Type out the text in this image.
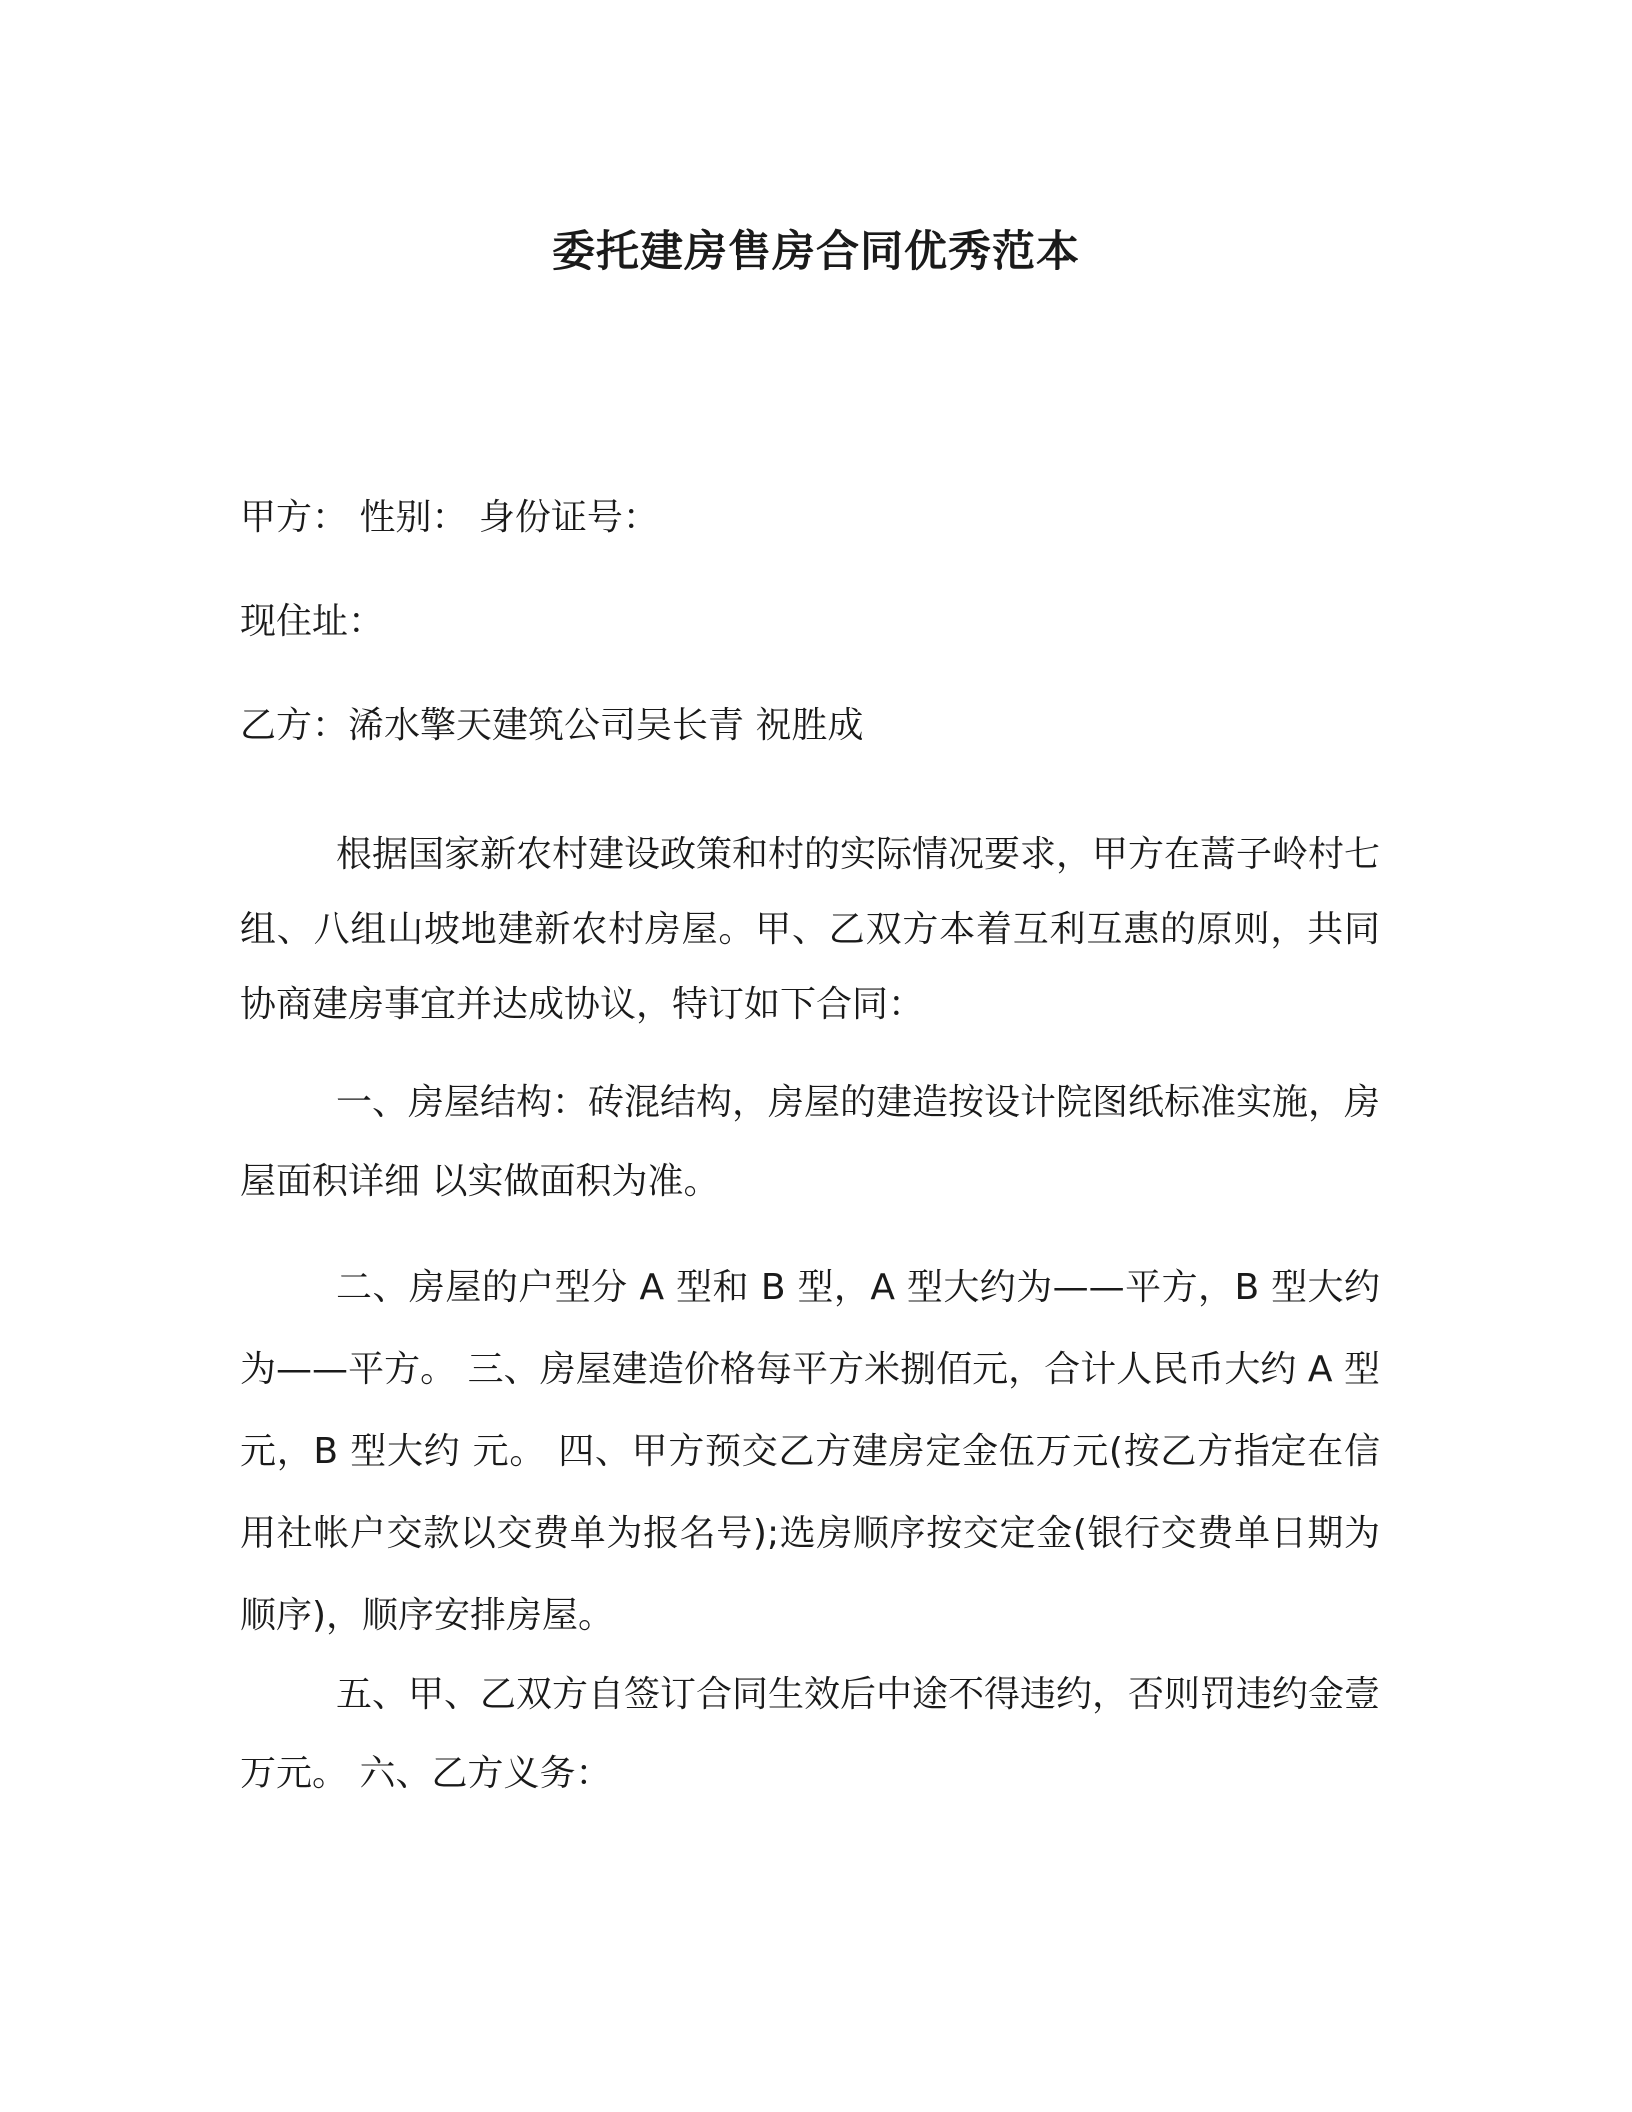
委托建房售房合同优秀范本
甲方： 性别： 身份证号：
现住址：
乙方：浠水擎天建筑公司吴长青 祝胜成
根据国家新农村建设政策和村的实际情况要求，甲方在蒿子岭村七组、八组山坡地建新农村房屋。甲、乙双方本着互利互惠的原则，共同协商建房事宜并达成协议，特订如下合同：
一、房屋结构：砖混结构，房屋的建造按设计院图纸标准实施，房屋面积详细 以实做面积为准。
二、房屋的户型分 A 型和 B 型，A 型大约为——平方，B 型大约为——平方。 三、房屋建造价格每平方米捌佰元，合计人民币大约 A 型 元，B 型大约 元。 四、甲方预交乙方建房定金伍万元(按乙方指定在信用社帐户交款以交费单为报名号);选房顺序按交定金(银行交费单日期为顺序)，顺序安排房屋。
五、甲、乙双方自签订合同生效后中途不得违约，否则罚违约金壹万元。 六、乙方义务：
